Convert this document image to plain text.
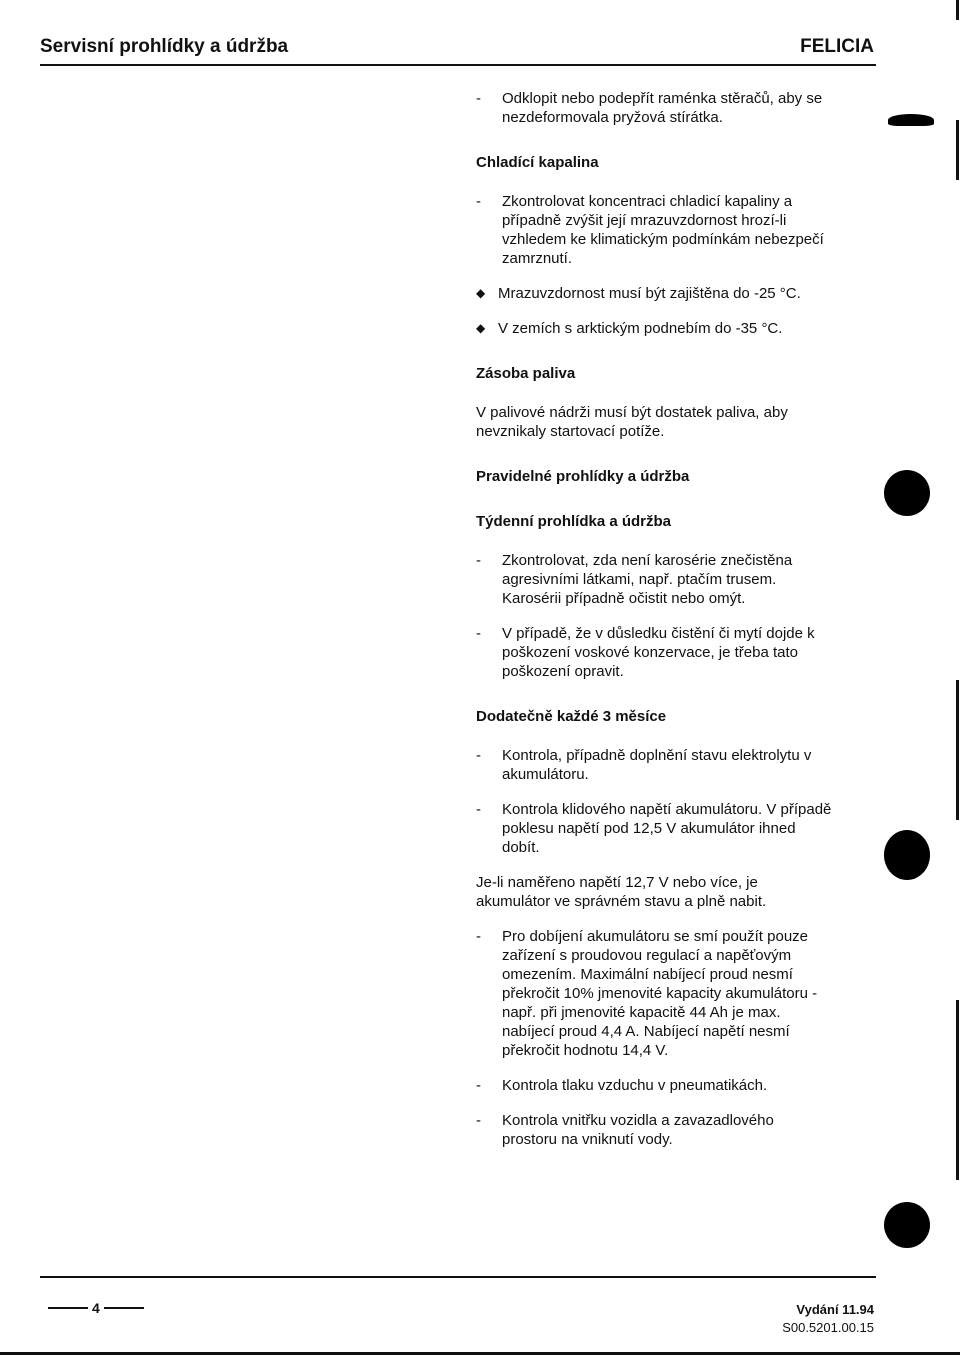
Servisní prohlídky a údržba	FELICIA
- Odklopit nebo podepřít raménka stěračů, aby se nezdeformovala pryžová stírátka.
Chladící kapalina
- Zkontrolovat koncentraci chladicí kapaliny a případně zvýšit její mrazuvzdornost hrozí-li vzhledem ke klimatickým podmínkám nebezpečí zamrznutí.
◆ Mrazuvzdornost musí být zajištěna do -25 °C.
◆ V zemích s arktickým podnebím do -35 °C.
Zásoba paliva
V palivové nádrži musí být dostatek paliva, aby nevznikaly startovací potíže.
Pravidelné prohlídky a údržba
Týdenní prohlídka a údržba
- Zkontrolovat, zda není karosérie znečistěna agresivními látkami, např. ptačím trusem. Karosérii případně očistit nebo omýt.
- V případě, že v důsledku čistění či mytí dojde k poškození voskové konzervace, je třeba tato poškození opravit.
Dodatečně každé 3 měsíce
- Kontrola, případně doplnění stavu elektrolytu v akumulátoru.
- Kontrola klidového napětí akumulátoru. V případě poklesu napětí pod 12,5 V akumulátor ihned dobít.
Je-li naměřeno napětí 12,7 V nebo více, je akumulátor ve správném stavu a plně nabit.
- Pro dobíjení akumulátoru se smí použít pouze zařízení s proudovou regulací a napěťovým omezením. Maximální nabíjecí proud nesmí překročit 10% jmenovité kapacity akumulátoru - např. při jmenovité kapacitě 44 Ah je max. nabíjecí proud 4,4 A. Nabíjecí napětí nesmí překročit hodnotu 14,4 V.
- Kontrola tlaku vzduchu v pneumatikách.
- Kontrola vnitřku vozidla a zavazadlového prostoru na vniknutí vody.
4	Vydání 11.94
S00.5201.00.15
